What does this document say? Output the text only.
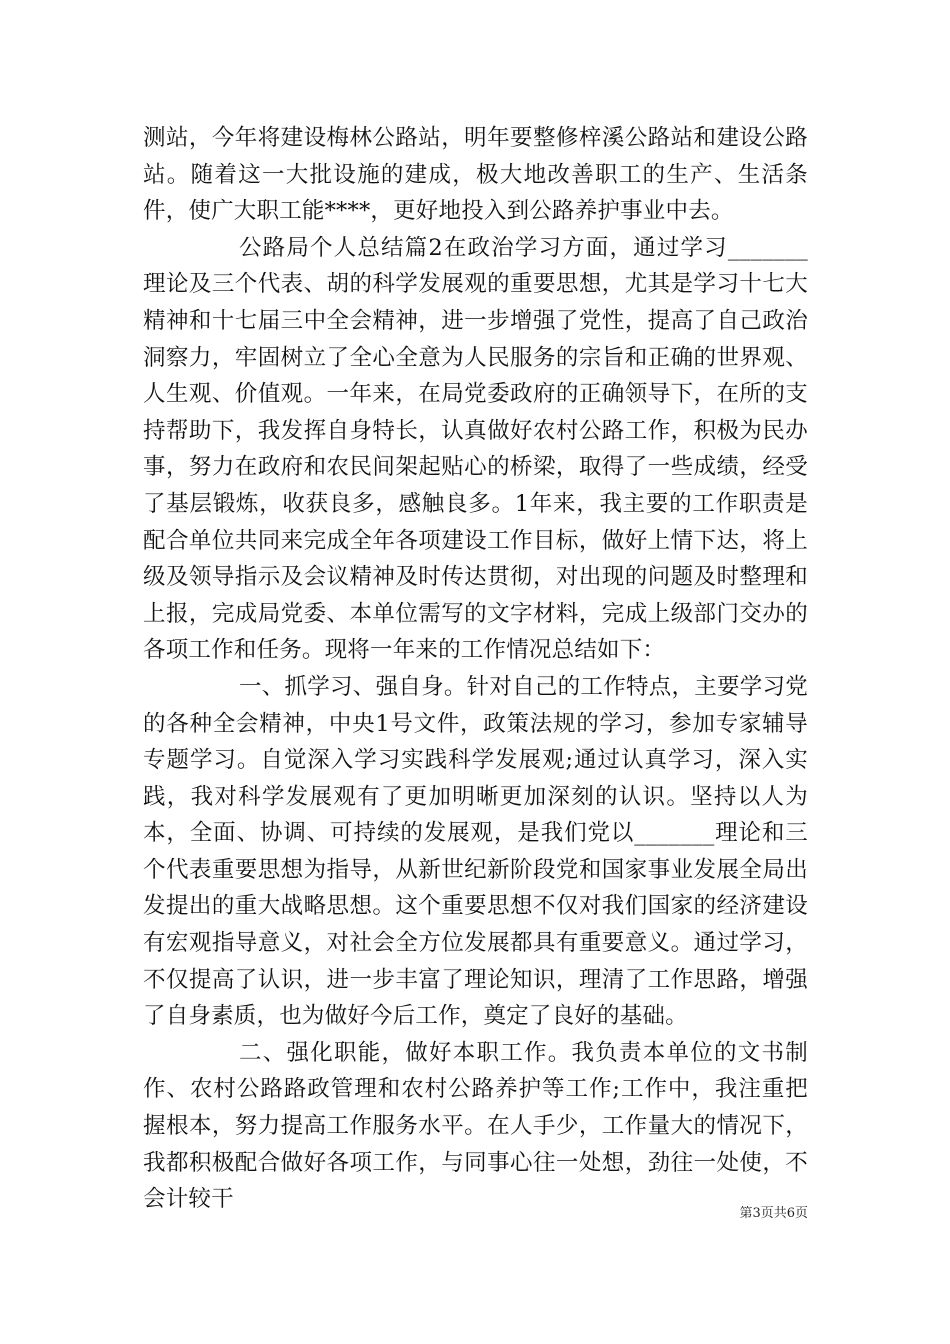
测站，今年将建设梅林公路站，明年要整修梓溪公路站和建设公路站。随着这一大批设施的建成，极大地改善职工的生产、生活条件，使广大职工能****，更好地投入到公路养护事业中去。

公路局个人总结篇2在政治学习方面，通过学习_______理论及三个代表、胡的科学发展观的重要思想，尤其是学习十七大精神和十七届三中全会精神，进一步增强了党性，提高了自己政治洞察力，牢固树立了全心全意为人民服务的宗旨和正确的世界观、人生观、价值观。一年来，在局党委政府的正确领导下，在所的支持帮助下，我发挥自身特长，认真做好农村公路工作，积极为民办事，努力在政府和农民间架起贴心的桥梁，取得了一些成绩，经受了基层锻炼，收获良多，感触良多。1年来，我主要的工作职责是配合单位共同来完成全年各项建设工作目标，做好上情下达，将上级及领导指示及会议精神及时传达贯彻，对出现的问题及时整理和上报，完成局党委、本单位需写的文字材料，完成上级部门交办的各项工作和任务。现将一年来的工作情况总结如下：

一、抓学习、强自身。针对自己的工作特点，主要学习党的各种全会精神，中央1号文件，政策法规的学习，参加专家辅导专题学习。自觉深入学习实践科学发展观;通过认真学习，深入实践，我对科学发展观有了更加明晰更加深刻的认识。坚持以人为本，全面、协调、可持续的发展观，是我们党以_______理论和三个代表重要思想为指导，从新世纪新阶段党和国家事业发展全局出发提出的重大战略思想。这个重要思想不仅对我们国家的经济建设有宏观指导意义，对社会全方位发展都具有重要意义。通过学习，不仅提高了认识，进一步丰富了理论知识，理清了工作思路，增强了自身素质，也为做好今后工作，奠定了良好的基础。

二、强化职能，做好本职工作。我负责本单位的文书制作、农村公路路政管理和农村公路养护等工作;工作中，我注重把握根本，努力提高工作服务水平。在人手少，工作量大的情况下，我都积极配合做好各项工作，与同事心往一处想，劲往一处使，不会计较干

第3页共6页
